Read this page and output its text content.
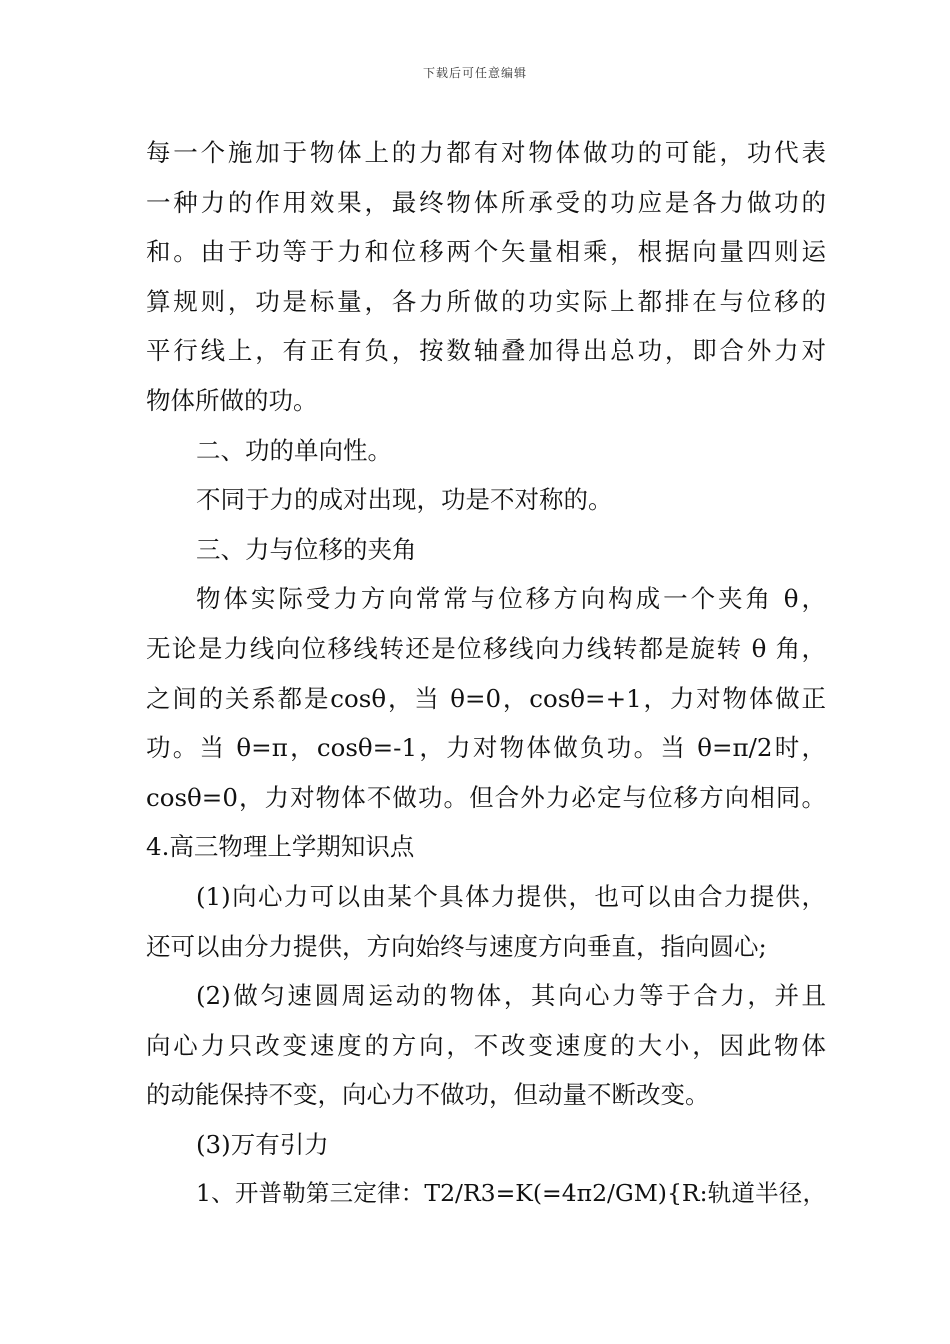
下载后可任意编辑
每一个施加于物体上的力都有对物体做功的可能，功代表
一种力的作用效果，最终物体所承受的功应是各力做功的
和。由于功等于力和位移两个矢量相乘，根据向量四则运
算规则，功是标量，各力所做的功实际上都排在与位移的
平行线上，有正有负，按数轴叠加得出总功，即合外力对
物体所做的功。
二、功的单向性。
不同于力的成对出现，功是不对称的。
三、力与位移的夹角
物体实际受力方向常常与位移方向构成一个夹角 θ，
无论是力线向位移线转还是位移线向力线转都是旋转 θ 角，
之间的关系都是cosθ，当 θ=0，cosθ=+1，力对物体做正
功。当 θ=π，cosθ=-1，力对物体做负功。当 θ=π/2时，
cosθ=0，力对物体不做功。但合外力必定与位移方向相同。
4.高三物理上学期知识点
(1)向心力可以由某个具体力提供，也可以由合力提供，
还可以由分力提供，方向始终与速度方向垂直，指向圆心;
(2)做匀速圆周运动的物体，其向心力等于合力，并且
向心力只改变速度的方向，不改变速度的大小，因此物体
的动能保持不变，向心力不做功，但动量不断改变。
(3)万有引力
1、开普勒第三定律：T2/R3=K(=4π2/GM){R:轨道半径，
